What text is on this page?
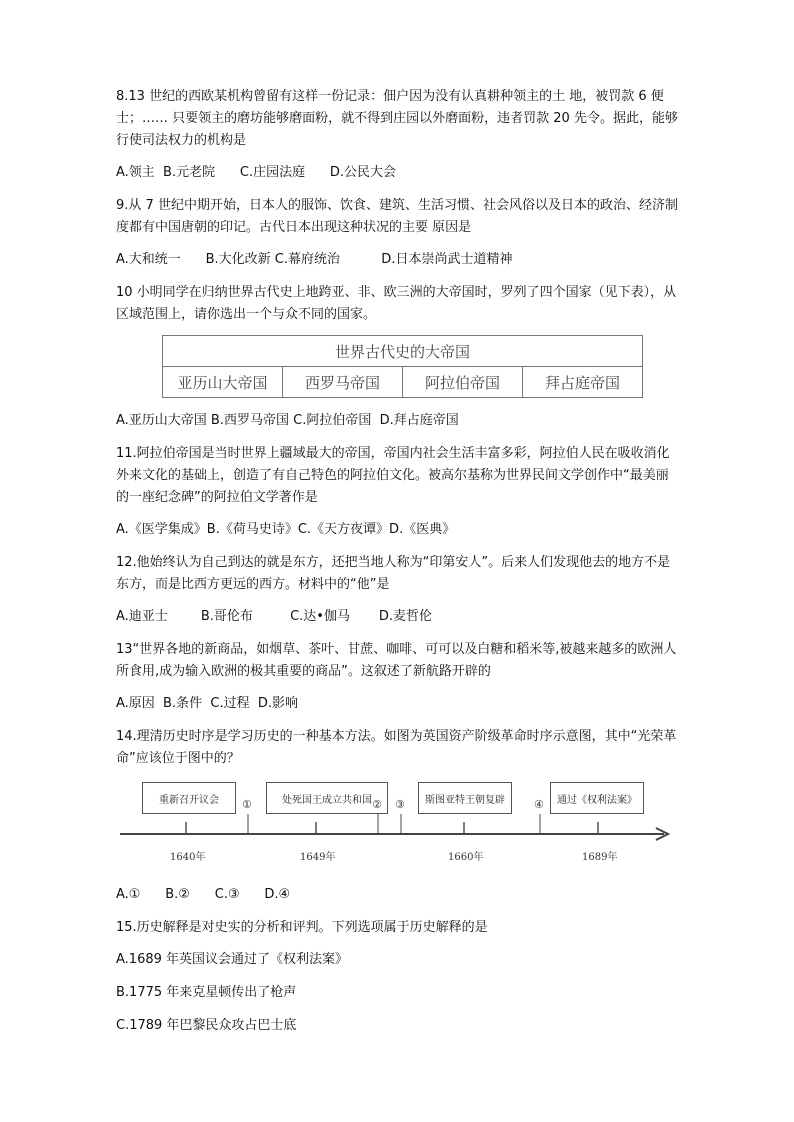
8.13 世纪的西欧某机构曾留有这样一份记录：佃户因为没有认真耕种领主的土 地，被罚款 6 便士；…… 只要领主的磨坊能够磨面粉，就不得到庄园以外磨面粉，违者罚款 20 先令。据此，能够行使司法权力的机构是

A.领主  B.元老院      C.庄园法庭      D.公民大会

9.从 7 世纪中期开始，日本人的服饰、饮食、建筑、生活习惯、社会风俗以及日本的政治、经济制度都有中国唐朝的印记。古代日本出现这种状况的主要 原因是

A.大和统一      B.大化改新 C.幕府统治          D.日本崇尚武士道精神

10 小明同学在归纳世界古代史上地跨亚、非、欧三洲的大帝国时，罗列了四个国家（见下表），从区域范围上，请你选出一个与众不同的国家。

世界古代史的大帝国
亚历山大帝国	西罗马帝国	阿拉伯帝国	拜占庭帝国

A.亚历山大帝国 B.西罗马帝国 C.阿拉伯帝国  D.拜占庭帝国

11.阿拉伯帝国是当时世界上疆域最大的帝国，帝国内社会生活丰富多彩，阿拉伯人民在吸收消化外来文化的基础上，创造了有自己特色的阿拉伯文化。被高尔基称为世界民间文学创作中“最美丽的一座纪念碑”的阿拉伯文学著作是

A.《医学集成》B.《荷马史诗》C.《天方夜谭》D.《医典》

12.他始终认为自己到达的就是东方，还把当地人称为“印第安人”。后来人们发现他去的地方不是东方，而是比西方更远的西方。材料中的“他”是

A.迪亚士        B.哥伦布         C.达•伽马       D.麦哲伦

13“世界各地的新商品，如烟草、茶叶、甘蔗、咖啡、可可以及白糖和稻米等,被越来越多的欧洲人所食用,成为输入欧洲的极其重要的商品”。这叙述了新航路开辟的

A.原因  B.条件  C.过程  D.影响

14.理清历史时序是学习历史的一种基本方法。如图为英国资产阶级革命时序示意图，其中“光荣革命”应该位于图中的？

重新召开议会	处死国王成立共和国	斯图亚特王朝复辟	通过《权利法案》
①	② ③	④
1640年	1649年	1660年	1689年

A.①      B.②      C.③      D.④

15.历史解释是对史实的分析和评判。下列选项属于历史解释的是

A.1689 年英国议会通过了《权利法案》

B.1775 年来克星顿传出了枪声

C.1789 年巴黎民众攻占巴士底
